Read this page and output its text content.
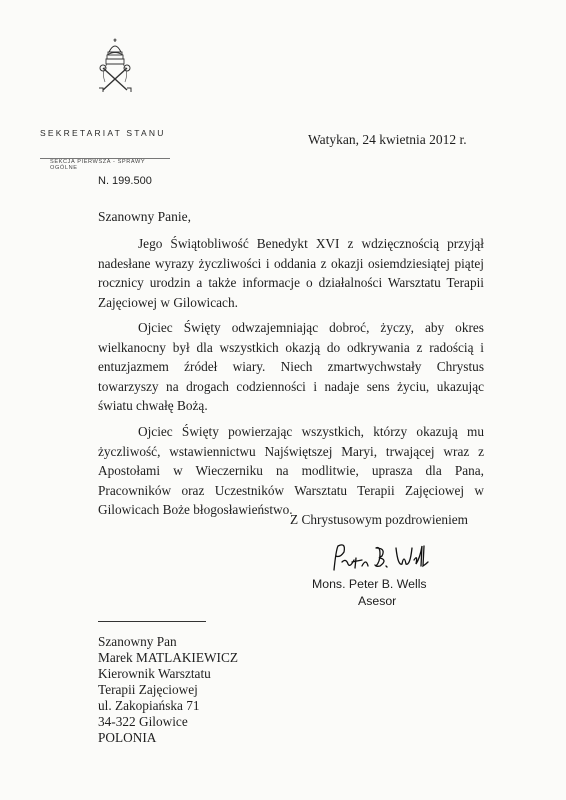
SEKRETARIAT STANU
SEKCJA PIERWSZA - SPRAWY OGÓLNE
Watykan, 24 kwietnia 2012 r.
N. 199.500
Szanowny Panie,

Jego Świątobliwość Benedykt XVI z wdzięcznością przyjął nadesłane wyrazy życzliwości i oddania z okazji osiemdziesiątej piątej rocznicy urodzin a także informacje o działalności Warsztatu Terapii Zajęciowej w Gilowicach.

Ojciec Święty odwzajemniając dobroć, życzy, aby okres wielkanocny był dla wszystkich okazją do odkrywania z radością i entuzjazmem źródeł wiary. Niech zmartwychwstały Chrystus towarzyszy na drogach codzienności i nadaje sens życiu, ukazując światu chwałę Bożą.

Ojciec Święty powierzając wszystkich, którzy okazują mu życzliwość, wstawiennictwu Najświętszej Maryi, trwającej wraz z Apostołami w Wieczerniku na modlitwie, uprasza dla Pana, Pracowników oraz Uczestników Warsztatu Terapii Zajęciowej w Gilowicach Boże błogosławieństwo.

Z Chrystusowym pozdrowieniem
Mons. Peter B. Wells
Asesor
Szanowny Pan
Marek MATLAKIEWICZ
Kierownik Warsztatu
Terapii Zajęciowej
ul. Zakopiańska 71
34-322 Gilowice
POLONIA
